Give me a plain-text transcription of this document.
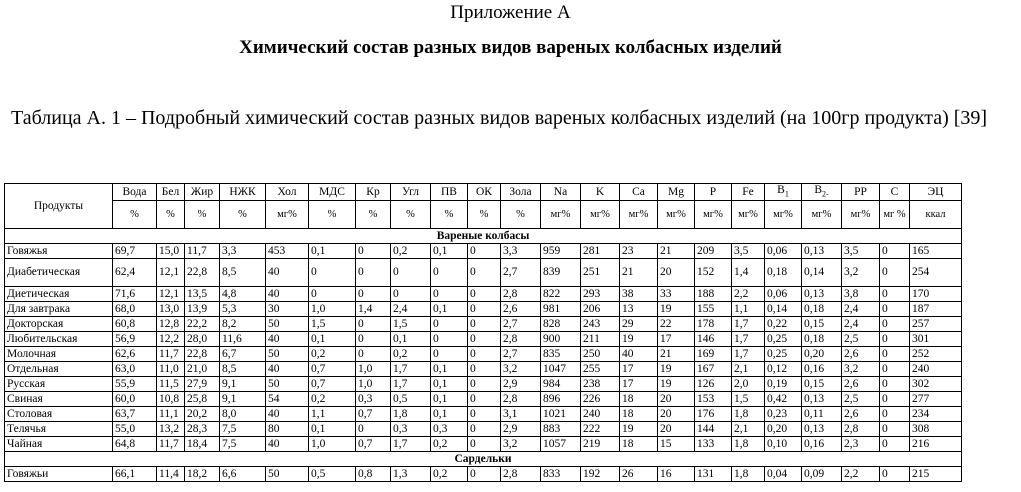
Приложение А
Химический состав разных видов вареных колбасных изделий
Таблица А. 1 – Подробный химический состав разных видов вареных колбасных изделий (на 100гр продукта) [39]
Продукты	Вода	Бел	Жир	НЖК	Хол	МДС	Кр	Угл	ПВ	ОК	Зола	Na	K	Ca	Mg	P	Fe	$B_1$	$B_{2-}$	PP	C	ЭЦ
	%	%	%	%	мг%	%	%	%	%	%	%	мг%	мг%	мг%	мг%	мг%	мг%	мг%	мг%	мг%	мг %	ккал
Вареные колбасы																						
Говяжья	69,7	15,0	11,7	3,3	453	0,1	0	0,2	0,1	0	3,3	959	281	23	21	209	3,5	0,06	0,13	3,5	0	165
Диабетическая	62,4	12,1	22,8	8,5	40	0	0	0	0	0	2,7	839	251	21	20	152	1,4	0,18	0,14	3,2	0	254
Диетическая	71,6	12,1	13,5	4,8	40	0	0	0	0	0	2,8	822	293	38	33	188	2,2	0,06	0,13	3,8	0	170
Для завтрака	68,0	13,0	13,9	5,3	30	1,0	1,4	2,4	0,1	0	2,6	981	206	13	19	155	1,1	0,14	0,18	2,4	0	187
Докторская	60,8	12,8	22,2	8,2	50	1,5	0	1,5	0	0	2,7	828	243	29	22	178	1,7	0,22	0,15	2,4	0	257
Любительская	56,9	12,2	28,0	11,6	40	0,1	0	0,1	0	0	2,8	900	211	19	17	146	1,7	0,25	0,18	2,5	0	301
Молочная	62,6	11,7	22,8	6,7	50	0,2	0	0,2	0	0	2,7	835	250	40	21	169	1,7	0,25	0,20	2,6	0	252
Отдельная	63,0	11,0	21,0	8,5	40	0,7	1,0	1,7	0,1	0	3,2	1047	255	17	19	167	2,1	0,12	0,16	3,2	0	240
Русская	55,9	11,5	27,9	9,1	50	0,7	1,0	1,7	0,1	0	2,9	984	238	17	19	126	2,0	0,19	0,15	2,6	0	302
Свиная	60,0	10,8	25,8	9,1	54	0,2	0,3	0,5	0,1	0	2,8	896	226	18	20	153	1,5	0,42	0,13	2,5	0	277
Столовая	63,7	11,1	20,2	8,0	40	1,1	0,7	1,8	0,1	0	3,1	1021	240	18	20	176	1,8	0,23	0,11	2,6	0	234
Телячья	55,0	13,2	28,3	7,5	80	0,1	0	0,3	0,3	0	2,9	883	222	19	20	144	2,1	0,20	0,13	2,8	0	308
Чайная	64,8	11,7	18,4	7,5	40	1,0	0,7	1,7	0,2	0	3,2	1057	219	18	15	133	1,8	0,10	0,16	2,3	0	216
Сардельки																						
Говяжьи	66,1	11,4	18,2	6,6	50	0,5	0,8	1,3	0,2	0	2,8	833	192	26	16	131	1,8	0,04	0,09	2,2	0	215
